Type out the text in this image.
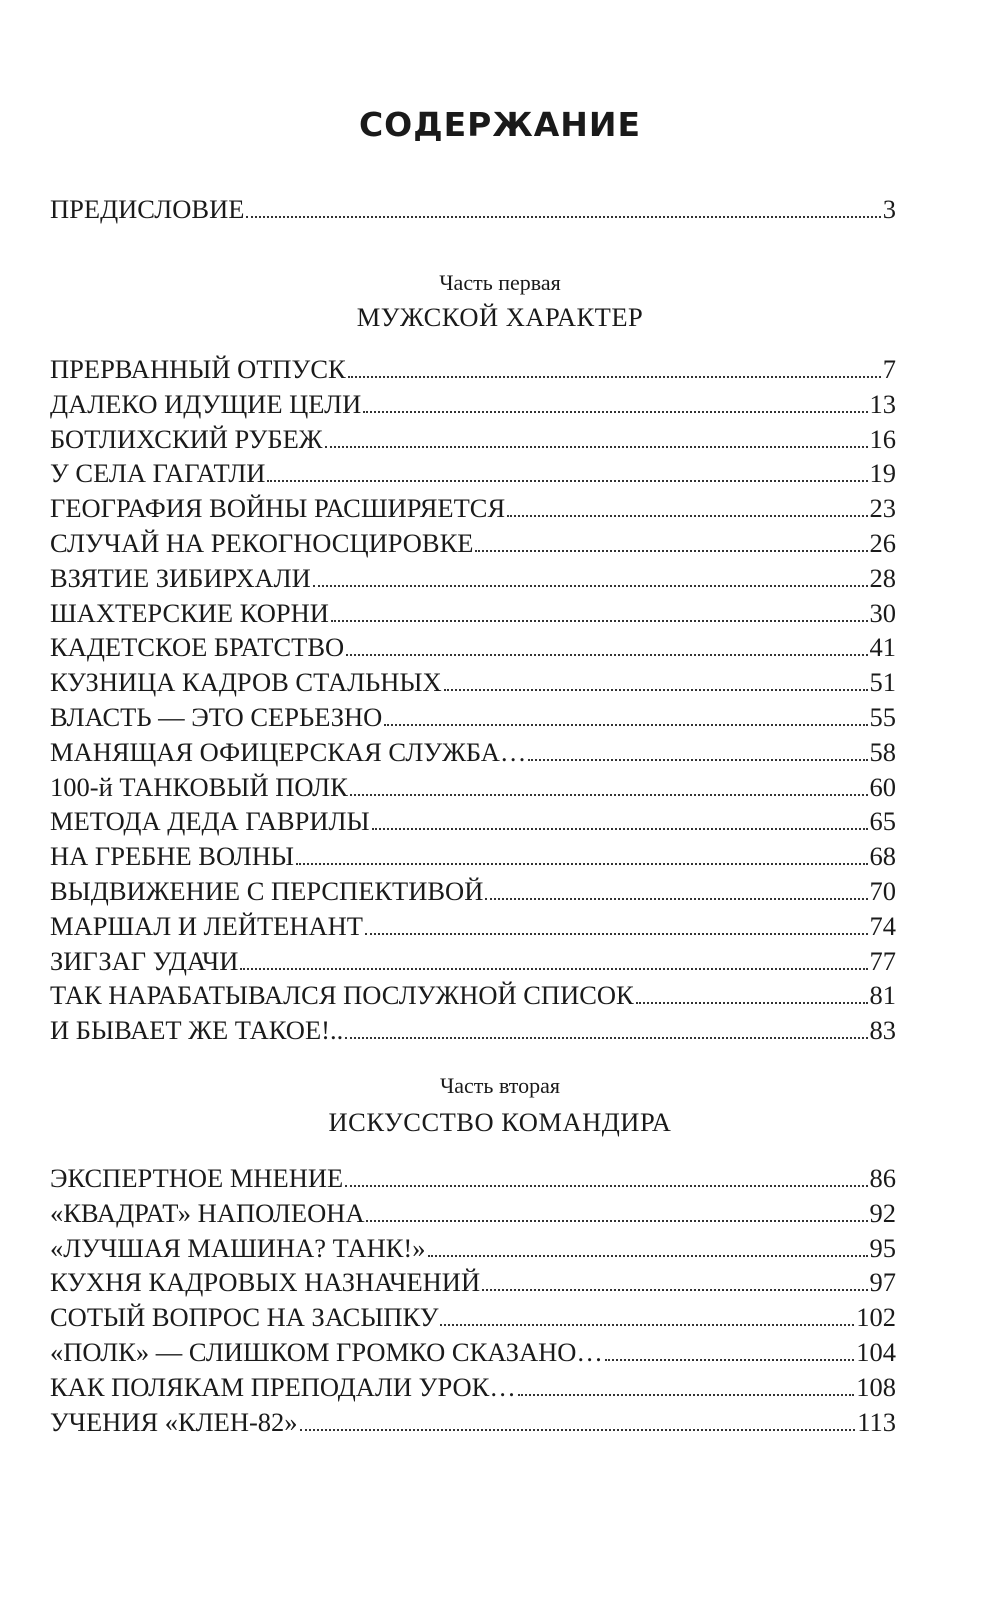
СОДЕРЖАНИЕ
ПРЕДИСЛОВИЕ	3
Часть первая
МУЖСКОЙ ХАРАКТЕР
ПРЕРВАННЫЙ ОТПУСК	7
ДАЛЕКО ИДУЩИЕ ЦЕЛИ	13
БОТЛИХСКИЙ РУБЕЖ	16
У СЕЛА ГАГАТЛИ	19
ГЕОГРАФИЯ ВОЙНЫ РАСШИРЯЕТСЯ	23
СЛУЧАЙ НА РЕКОГНОСЦИРОВКЕ	26
ВЗЯТИЕ ЗИБИРХАЛИ	28
ШАХТЕРСКИЕ КОРНИ	30
КАДЕТСКОЕ БРАТСТВО	41
КУЗНИЦА КАДРОВ СТАЛЬНЫХ	51
ВЛАСТЬ — ЭТО СЕРЬЕЗНО	55
МАНЯЩАЯ ОФИЦЕРСКАЯ СЛУЖБА…	58
100-й ТАНКОВЫЙ ПОЛК	60
МЕТОДА ДЕДА ГАВРИЛЫ	65
НА ГРЕБНЕ ВОЛНЫ	68
ВЫДВИЖЕНИЕ С ПЕРСПЕКТИВОЙ	70
МАРШАЛ И ЛЕЙТЕНАНТ	74
ЗИГЗАГ УДАЧИ	77
ТАК НАРАБАТЫВАЛСЯ ПОСЛУЖНОЙ СПИСОК	81
И БЫВАЕТ ЖЕ ТАКОЕ!..	83
Часть вторая
ИСКУССТВО КОМАНДИРА
ЭКСПЕРТНОЕ МНЕНИЕ	86
«КВАДРАТ» НАПОЛЕОНА	92
«ЛУЧШАЯ МАШИНА? ТАНК!»	95
КУХНЯ КАДРОВЫХ НАЗНАЧЕНИЙ	97
СОТЫЙ ВОПРОС НА ЗАСЫПКУ	102
«ПОЛК» — СЛИШКОМ ГРОМКО СКАЗАНО…	104
КАК ПОЛЯКАМ ПРЕПОДАЛИ УРОК…	108
УЧЕНИЯ «КЛЕН-82»	113
